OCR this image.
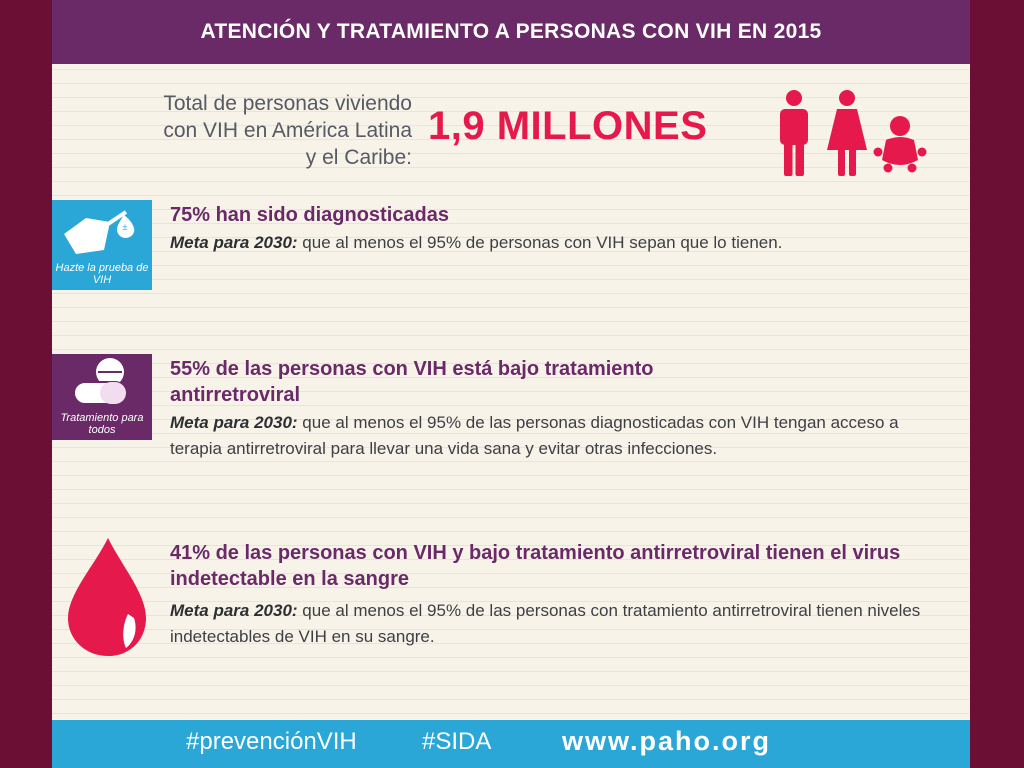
ATENCIÓN Y TRATAMIENTO A PERSONAS CON VIH EN 2015
Total de personas viviendo
con VIH en América Latina
y el Caribe:
1,9 MILLONES
±
Hazte la prueba de VIH
75% han sido diagnosticadas
Meta para 2030: que al menos el 95% de personas con VIH sepan que lo tienen.
Tratamiento para todos
55% de las personas con VIH está bajo tratamiento antirretroviral
Meta para 2030: que al menos el 95% de las personas diagnosticadas con VIH tengan acceso a terapia antirretroviral para llevar una vida sana y evitar otras infecciones.
41% de las personas con VIH y bajo tratamiento antirretroviral tienen el virus indetectable en la sangre
Meta para 2030: que al menos el 95% de las personas con tratamiento antirretroviral tienen niveles indetectables de VIH en su sangre.
#prevenciónVIH	#SIDA	www.paho.org
